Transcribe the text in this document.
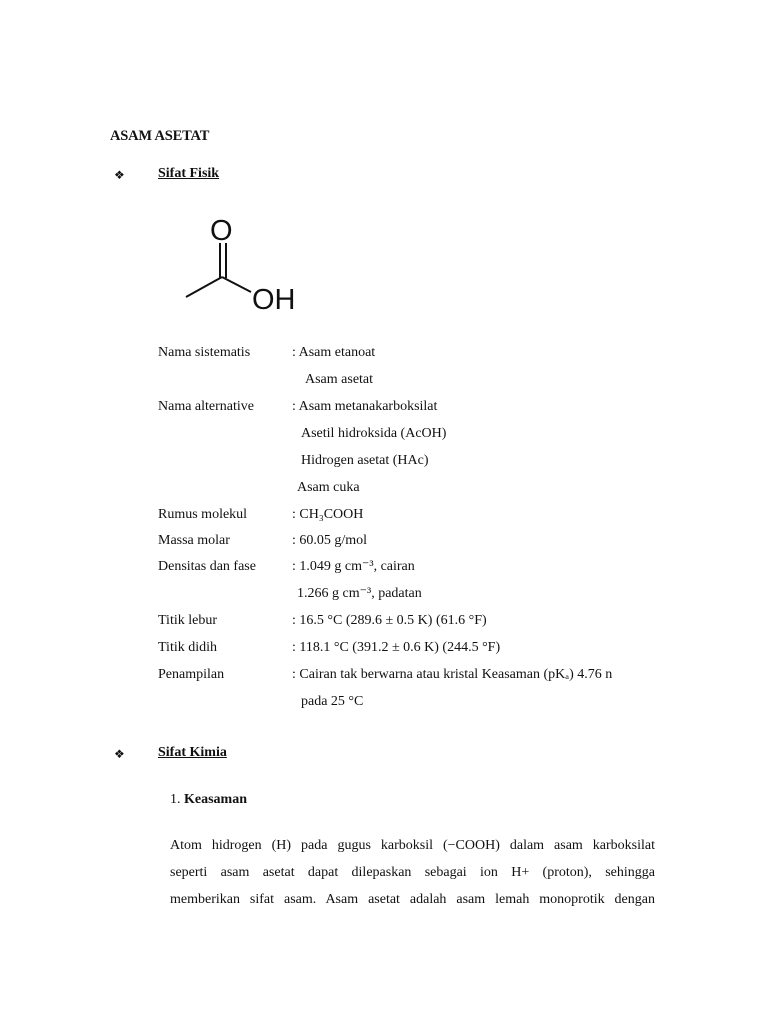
ASAM ASETAT
❖ Sifat Fisik
O
OH
Nama sistematis	: Asam etanoat
Asam asetat
Nama alternative	: Asam metanakarboksilat
Asetil hidroksida (AcOH)
Hidrogen asetat (HAc)
Asam cuka
Rumus molekul	: CH₃COOH
Massa molar	: 60.05 g/mol
Densitas dan fase	: 1.049 g cm⁻³, cairan
1.266 g cm⁻³, padatan
Titik lebur	: 16.5 °C (289.6 ± 0.5 K) (61.6 °F)
Titik didih	: 118.1 °C (391.2 ± 0.6 K) (244.5 °F)
Penampilan	: Cairan tak berwarna atau kristal Keasaman (pKₐ) 4.76 n
pada 25 °C
❖ Sifat Kimia
1. Keasaman
Atom hidrogen (H) pada gugus karboksil (−COOH) dalam asam karboksilat
seperti asam asetat dapat dilepaskan sebagai ion H+ (proton), sehingga
memberikan sifat asam. Asam asetat adalah asam lemah monoprotik dengan
